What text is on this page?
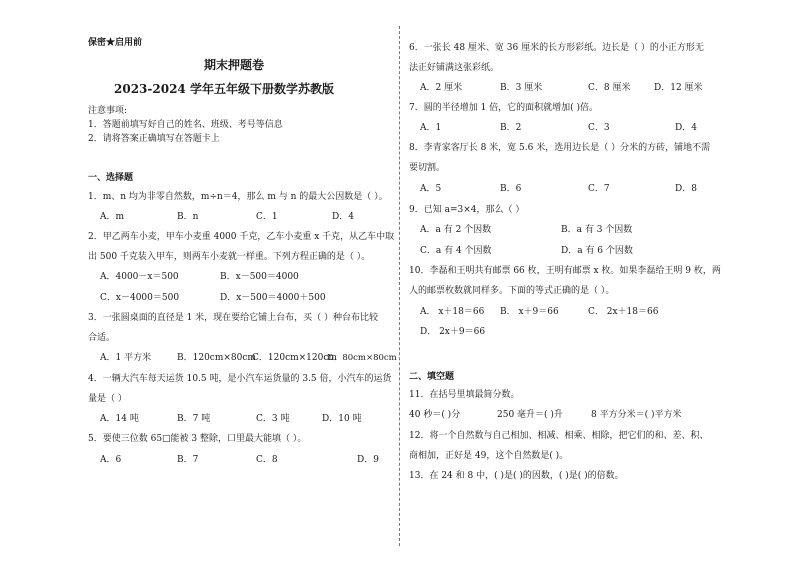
保密★启用前
期末押题卷
2023-2024 学年五年级下册数学苏教版
注意事项:
1．答题前填写好自己的姓名、班级、考号等信息
2．请将答案正确填写在答题卡上
一、选择题
1．m、n 均为非零自然数，m÷n＝4，那么 m 与 n 的最大公因数是（ ）。
A．m	B．n	C．1	D．4
2．甲乙两车小麦，甲车小麦重 4000 千克，乙车小麦重 x 千克，从乙车中取
出 500 千克装入甲车，则两车小麦就一样重。下列方程正确的是（ ）。
A．4000－x＝500	B．x－500＝4000
C．x－4000＝500	D．x－500＝4000＋500
3．一张圆桌面的直径是 1 米，现在要给它铺上台布，买（ ）种台布比较
合适。
A．1 平方米	B．120cm×80cm
C．120cm×120cm
D．80cm×80cm
4．一辆大汽车每天运货 10.5 吨，是小汽车运货量的 3.5 倍，小汽车的运货
量是（ ）
A．14 吨	B．7 吨	C．3 吨	D．10 吨
5．要使三位数 65□能被 3 整除，口里最大能填（ ）。
A．6	B．7	C．8	D．9
6．一张长 48 厘米、宽 36 厘米的长方形彩纸。边长是（ ）的小正方形无
法正好铺满这张彩纸。
A．2 厘米	B．3 厘米	C．8 厘米	D．12 厘米
7．圆的半径增加 1 倍，它的面积就增加( )倍。
A．1	B．2	C．3	D．4
8．李青家客厅长 8 米，宽 5.6 米，选用边长是（ ）分米的方砖，铺地不需
要切割。
A．5	B．6	C．7	D．8
9．已知 a=3×4，那么（ ）
A．a 有 2 个因数	B．a 有 3 个因数
C．a 有 4 个因数	D．a 有 6 个因数
10．李磊和王明共有邮票 66 枚，王明有邮票 x 枚。如果李磊给王明 9 枚，两
人的邮票枚数就同样多。下面的等式正确的是（ ）。
A． x＋18＝66 B． x＋9＝66	C． 2x＋18＝66
D． 2x＋9＝66
二、填空题
11．在括号里填最简分数。
40 秒＝( )分	250 毫升＝( )升	8 平方分米＝( )平方米
12．将一个自然数与自己相加、相减、相乘、相除，把它们的和、差、积、
商相加，正好是 49，这个自然数是( )。
13．在 24 和 8 中，( )是( )的因数，( )是( )的倍数。
